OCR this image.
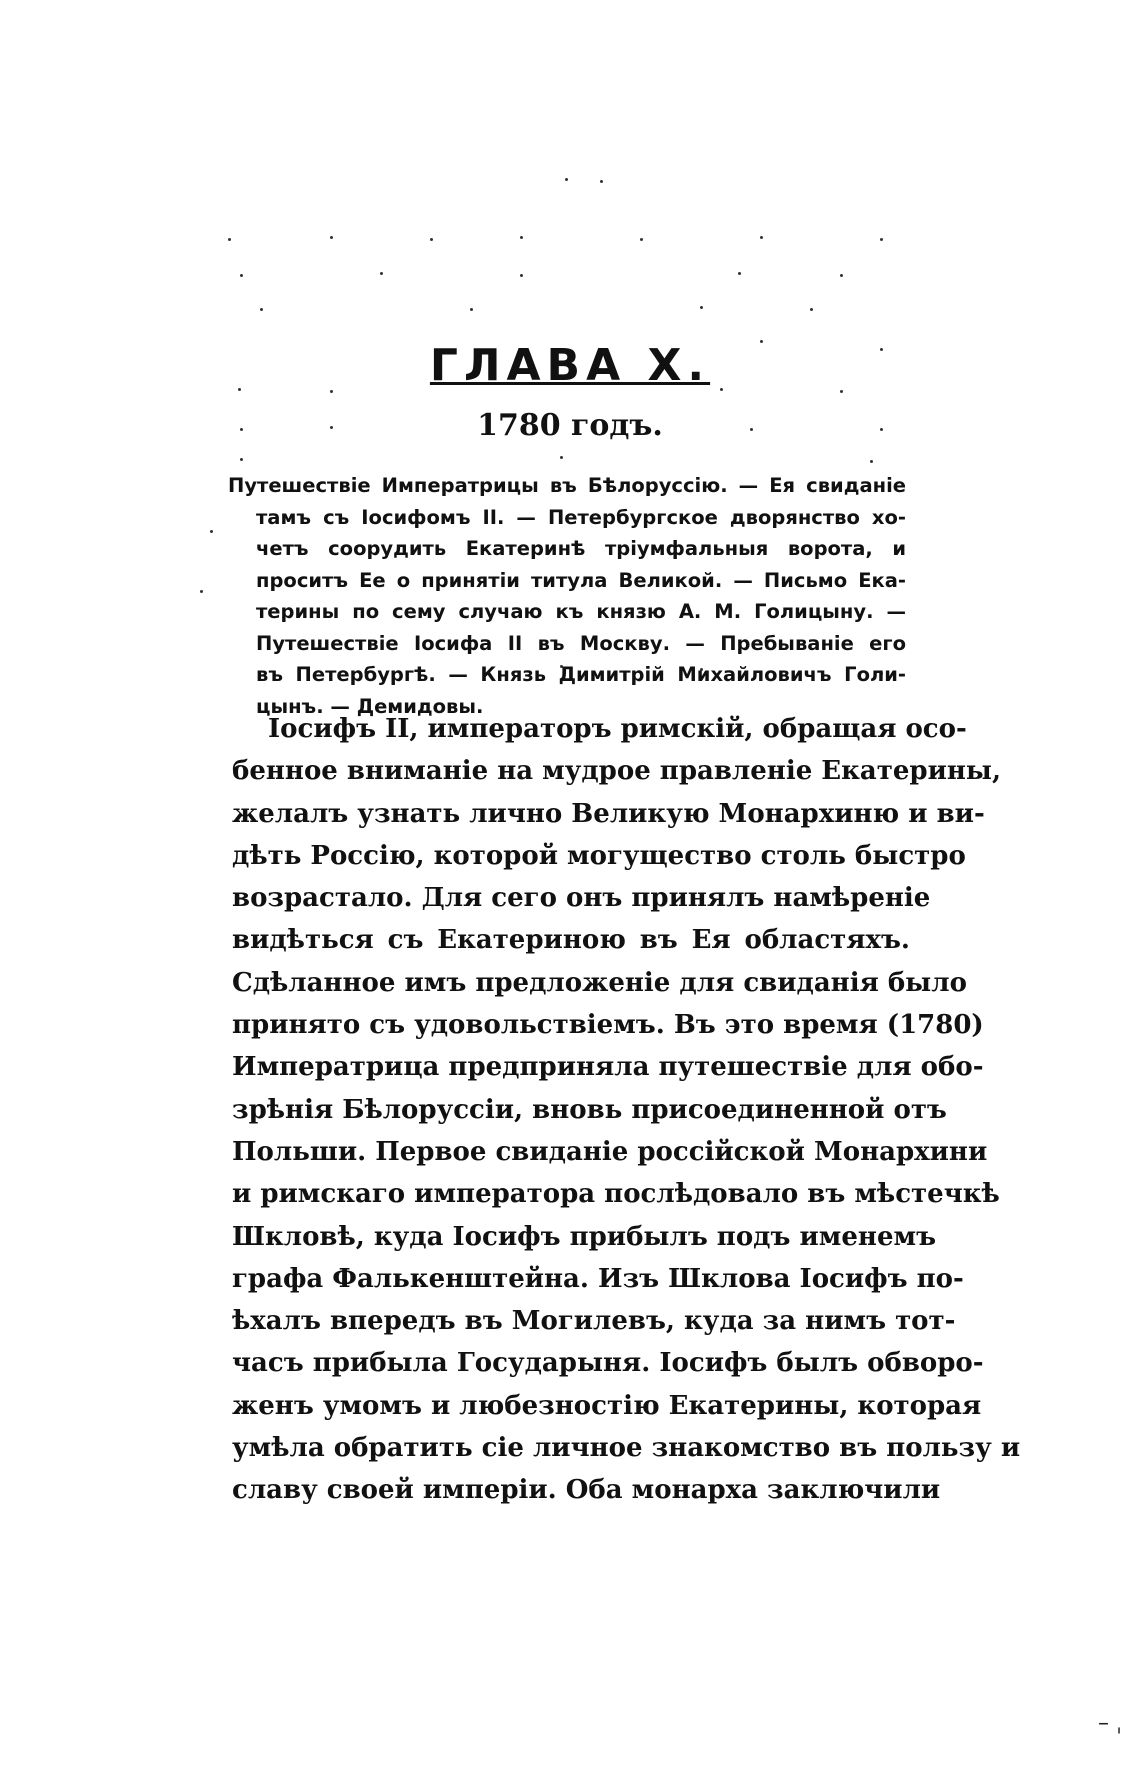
ГЛАВА X.
1780 годъ.
Путешествіе Императрицы въ Бѣлоруссію. — Ея свиданіе
тамъ съ Іосифомъ II. — Петербургское дворянство хо-
четъ соорудить Екатеринѣ тріумфальныя ворота, и
проситъ Ее о принятіи титула Великой. — Письмо Ека-
терины по сему случаю къ князю А. М. Голицыну. —
Путешествіе Іосифа II въ Москву. — Пребываніе его
въ Петербургѣ. — Князь Димитрій Михайловичъ Голи-
цынъ. — Демидовы.
Іосифъ II, императоръ римскій, обращая осо-
бенное вниманіе на мудрое правленіе Екатерины,
желалъ узнать лично Великую Монархиню и ви-
дѣть Россію, которой могущество столь быстро
возрастало. Для сего онъ принялъ намѣреніе
видѣться съ Екатериною въ Ея областяхъ.
Сдѣланное имъ предложеніе для свиданія было
принято съ удовольствіемъ. Въ это время (1780)
Императрица предприняла путешествіе для обо-
зрѣнія Бѣлоруссіи, вновь присоединенной отъ
Польши. Первое свиданіе россійской Монархини
и римскаго императора послѣдовало въ мѣстечкѣ
Шкловѣ, куда Іосифъ прибылъ подъ именемъ
графа Фалькенштейна. Изъ Шклова Іосифъ по-
ѣхалъ впередъ въ Могилевъ, куда за нимъ тот-
часъ прибыла Государыня. Іосифъ былъ обворо-
женъ умомъ и любезностію Екатерины, которая
умѣла обратить сіе личное знакомство въ пользу и
славу своей имперіи. Оба монарха заключили
– ˌ
